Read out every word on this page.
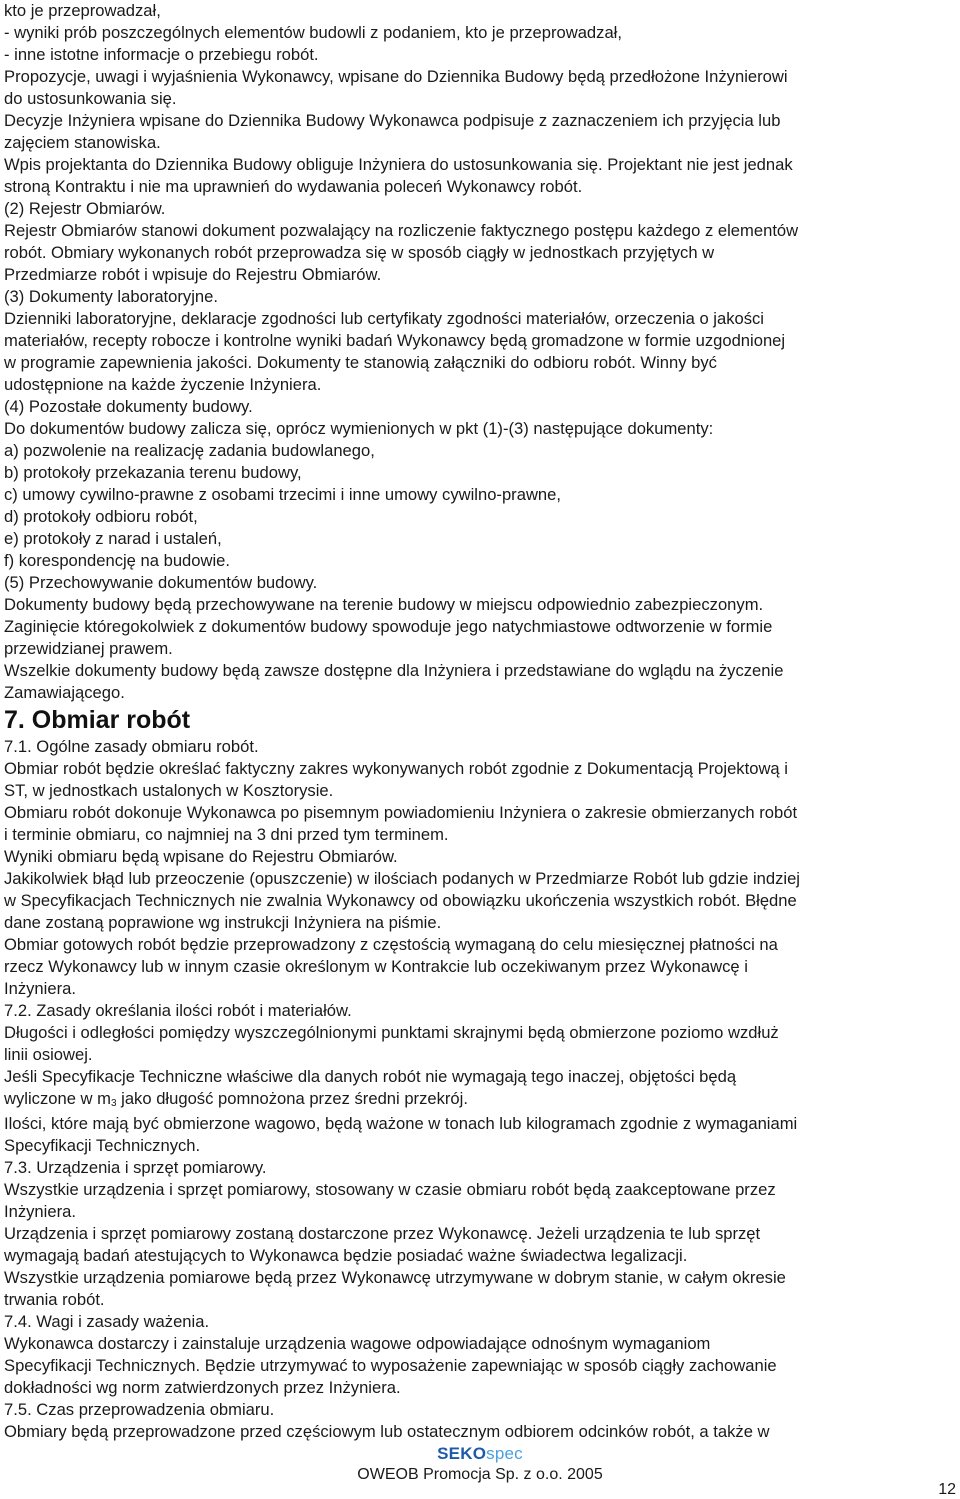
kto je przeprowadzał,
- wyniki prób poszczególnych elementów budowli z podaniem, kto je przeprowadzał,
- inne istotne informacje o przebiegu robót.
Propozycje, uwagi i wyjaśnienia Wykonawcy, wpisane do Dziennika Budowy będą przedłożone Inżynierowi
do ustosunkowania się.
Decyzje Inżyniera wpisane do Dziennika Budowy Wykonawca podpisuje z zaznaczeniem ich przyjęcia lub
zajęciem stanowiska.
Wpis projektanta do Dziennika Budowy obliguje Inżyniera do ustosunkowania się. Projektant nie jest jednak
stroną Kontraktu i nie ma uprawnień do wydawania poleceń Wykonawcy robót.
(2) Rejestr Obmiarów.
Rejestr Obmiarów stanowi dokument pozwalający na rozliczenie faktycznego postępu każdego z elementów
robót. Obmiary wykonanych robót przeprowadza się w sposób ciągły w jednostkach przyjętych w
Przedmiarze robót i wpisuje do Rejestru Obmiarów.
(3) Dokumenty laboratoryjne.
Dzienniki laboratoryjne, deklaracje zgodności lub certyfikaty zgodności materiałów, orzeczenia o jakości
materiałów, recepty robocze i kontrolne wyniki badań Wykonawcy będą gromadzone w formie uzgodnionej
w programie zapewnienia jakości. Dokumenty te stanowią załączniki do odbioru robót. Winny być
udostępnione na każde życzenie Inżyniera.
(4) Pozostałe dokumenty budowy.
Do dokumentów budowy zalicza się, oprócz wymienionych w pkt (1)-(3) następujące dokumenty:
a) pozwolenie na realizację zadania budowlanego,
b) protokoły przekazania terenu budowy,
c) umowy cywilno-prawne z osobami trzecimi i inne umowy cywilno-prawne,
d) protokoły odbioru robót,
e) protokoły z narad i ustaleń,
f) korespondencję na budowie.
(5) Przechowywanie dokumentów budowy.
Dokumenty budowy będą przechowywane na terenie budowy w miejscu odpowiednio zabezpieczonym.
Zaginięcie któregokolwiek z dokumentów budowy spowoduje jego natychmiastowe odtworzenie w formie
przewidzianej prawem.
Wszelkie dokumenty budowy będą zawsze dostępne dla Inżyniera i przedstawiane do wglądu na życzenie
Zamawiającego.
7. Obmiar robót
7.1. Ogólne zasady obmiaru robót.
Obmiar robót będzie określać faktyczny zakres wykonywanych robót zgodnie z Dokumentacją Projektową i
ST, w jednostkach ustalonych w Kosztorysie.
Obmiaru robót dokonuje Wykonawca po pisemnym powiadomieniu Inżyniera o zakresie obmierzanych robót
i terminie obmiaru, co najmniej na 3 dni przed tym terminem.
Wyniki obmiaru będą wpisane do Rejestru Obmiarów.
Jakikolwiek błąd lub przeoczenie (opuszczenie) w ilościach podanych w Przedmiarze Robót lub gdzie indziej
w Specyfikacjach Technicznych nie zwalnia Wykonawcy od obowiązku ukończenia wszystkich robót. Błędne
dane zostaną poprawione wg instrukcji Inżyniera na piśmie.
Obmiar gotowych robót będzie przeprowadzony z częstością wymaganą do celu miesięcznej płatności na
rzecz Wykonawcy lub w innym czasie określonym w Kontrakcie lub oczekiwanym przez Wykonawcę i
Inżyniera.
7.2. Zasady określania ilości robót i materiałów.
Długości i odległości pomiędzy wyszczególnionymi punktami skrajnymi będą obmierzone poziomo wzdłuż
linii osiowej.
Jeśli Specyfikacje Techniczne właściwe dla danych robót nie wymagają tego inaczej, objętości będą
wyliczone w $m_3$ jako długość pomnożona przez średni przekrój.
Ilości, które mają być obmierzone wagowo, będą ważone w tonach lub kilogramach zgodnie z wymaganiami
Specyfikacji Technicznych.
7.3. Urządzenia i sprzęt pomiarowy.
Wszystkie urządzenia i sprzęt pomiarowy, stosowany w czasie obmiaru robót będą zaakceptowane przez
Inżyniera.
Urządzenia i sprzęt pomiarowy zostaną dostarczone przez Wykonawcę. Jeżeli urządzenia te lub sprzęt
wymagają badań atestujących to Wykonawca będzie posiadać ważne świadectwa legalizacji.
Wszystkie urządzenia pomiarowe będą przez Wykonawcę utrzymywane w dobrym stanie, w całym okresie
trwania robót.
7.4. Wagi i zasady ważenia.
Wykonawca dostarczy i zainstaluje urządzenia wagowe odpowiadające odnośnym wymaganiom
Specyfikacji Technicznych. Będzie utrzymywać to wyposażenie zapewniając w sposób ciągły zachowanie
dokładności wg norm zatwierdzonych przez Inżyniera.
7.5. Czas przeprowadzenia obmiaru.
Obmiary będą przeprowadzone przed częściowym lub ostatecznym odbiorem odcinków robót, a także w
SEKOspec
OWEOB Promocja Sp. z o.o. 2005
12
